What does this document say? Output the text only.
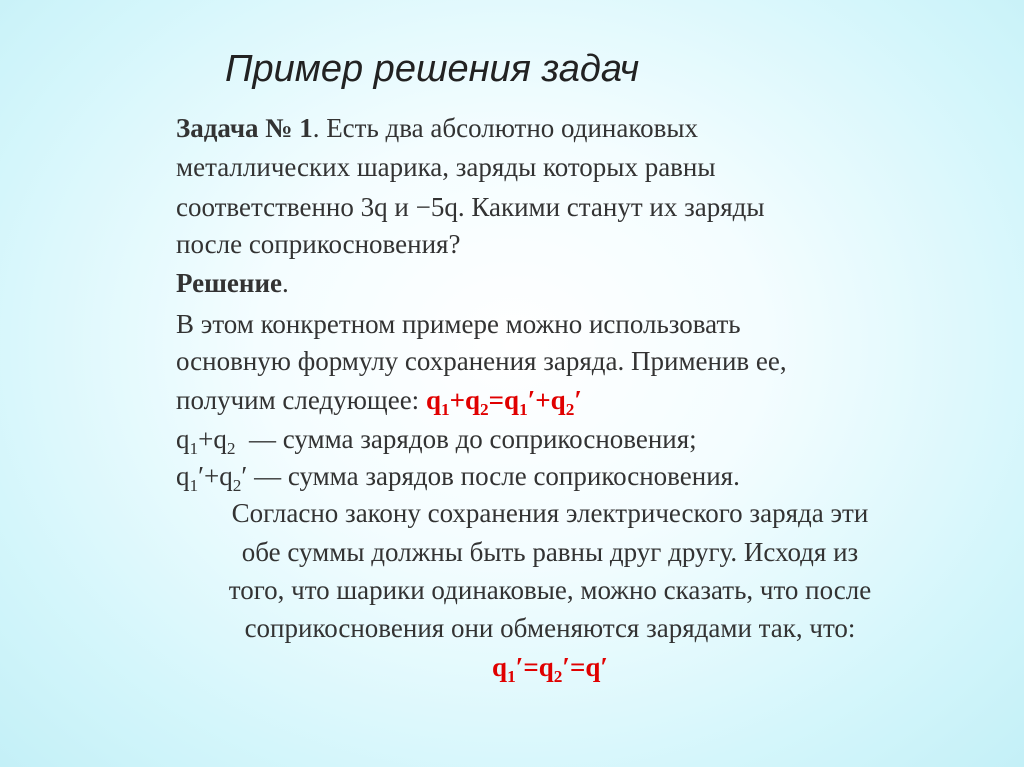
Пример решения задач
Задача № 1. Есть два абсолютно одинаковых
металлических шарика, заряды которых равны
соответственно 3q и −5q. Какими станут их заряды
после соприкосновения?
Решение.
В этом конкретном примере можно использовать
основную формулу сохранения заряда. Применив ее,
получим следующее: $q_1+q_2=q_1'+q_2'$
$q_1+q_2$  — сумма зарядов до соприкосновения;
$q_1'+q_2'$ — сумма зарядов после соприкосновения.
Согласно закону сохранения электрического заряда эти
обе суммы должны быть равны друг другу. Исходя из
того, что шарики одинаковые, можно сказать, что после
соприкосновения они обменяются зарядами так, что:
$q_1'=q_2'=q'$
